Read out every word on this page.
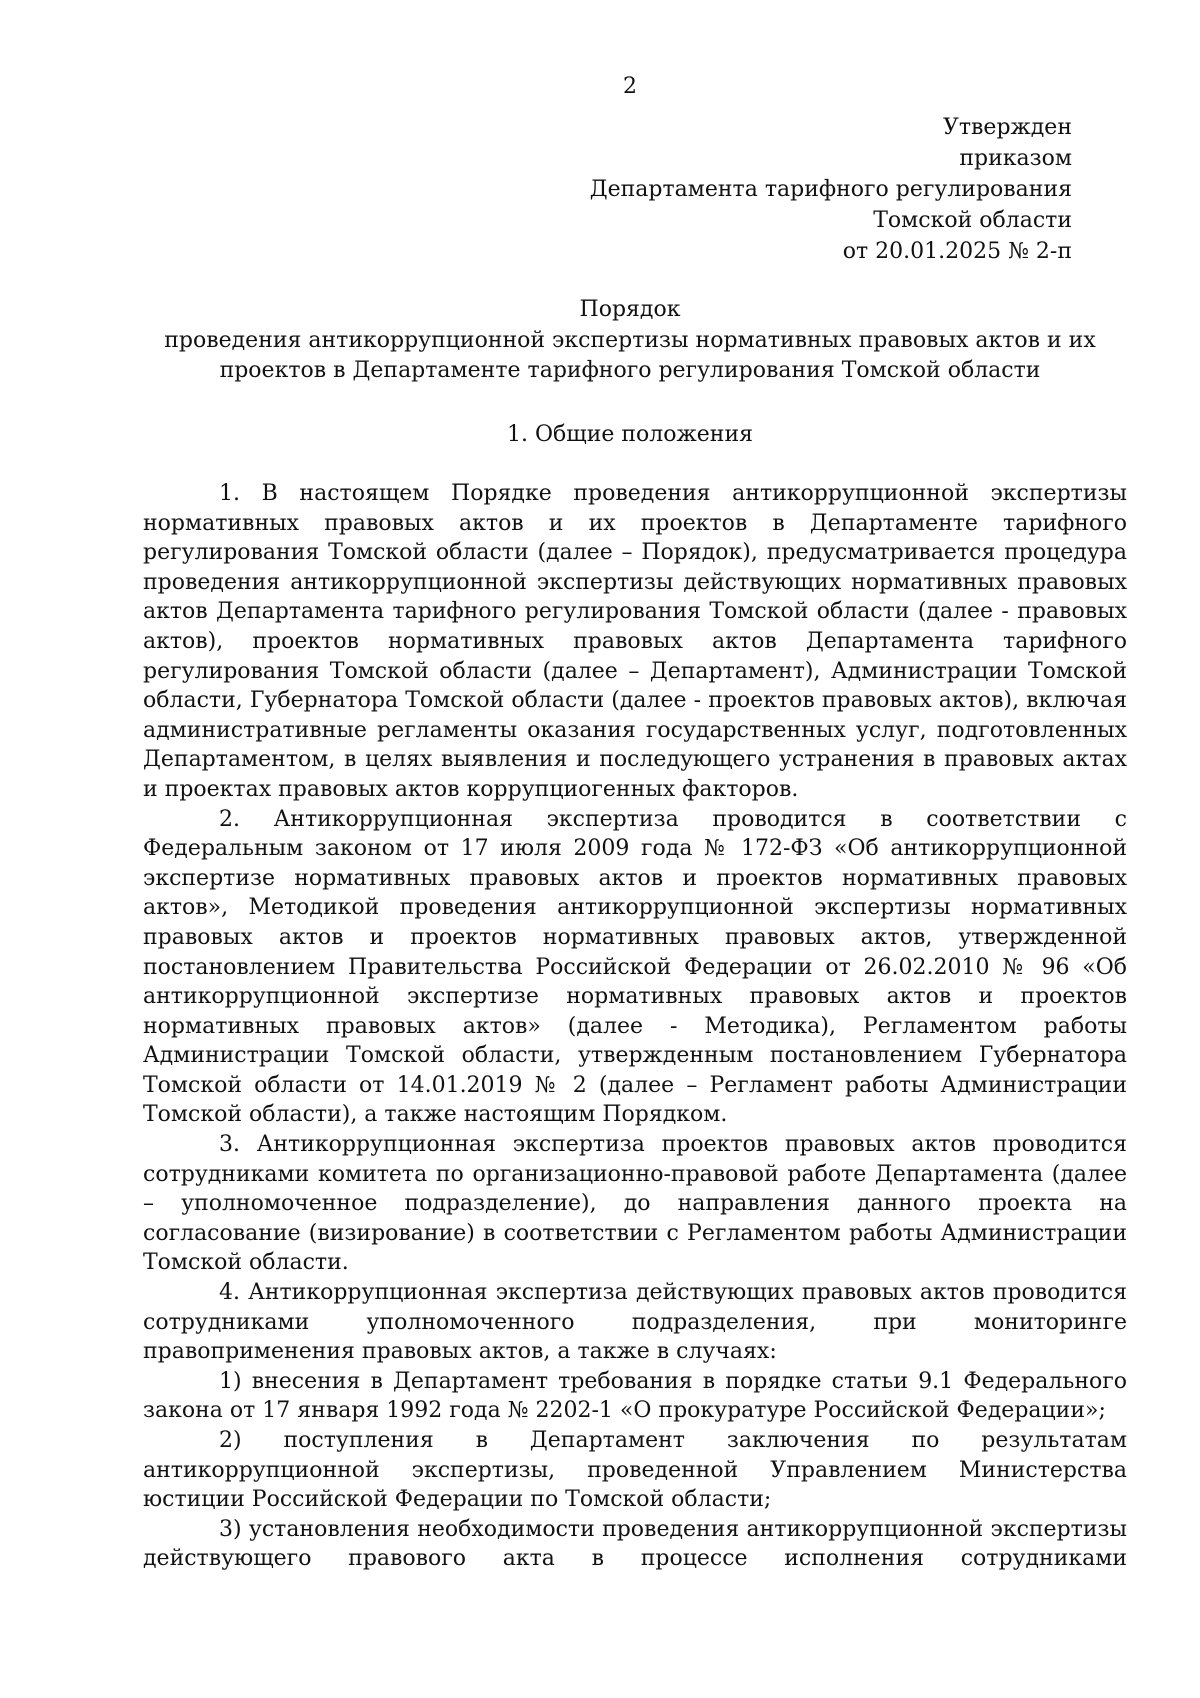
2
Утвержден
приказом
Департамента тарифного регулирования
Томской области
от 20.01.2025 № 2-п
Порядок
проведения антикоррупционной экспертизы нормативных правовых актов и их
проектов в Департаменте тарифного регулирования Томской области
1. Общие положения

1. В настоящем Порядке проведения антикоррупционной экспертизы нормативных правовых актов и их проектов в Департаменте тарифного регулирования Томской области (далее – Порядок), предусматривается процедура проведения антикоррупционной экспертизы действующих нормативных правовых актов Департамента тарифного регулирования Томской области (далее - правовых актов), проектов нормативных правовых актов Департамента тарифного регулирования Томской области (далее – Департамент), Администрации Томской области, Губернатора Томской области (далее - проектов правовых актов), включая административные регламенты оказания государственных услуг, подготовленных Департаментом, в целях выявления и последующего устранения в правовых актах и проектах правовых актов коррупциогенных факторов.

2. Антикоррупционная экспертиза проводится в соответствии с Федеральным законом от 17 июля 2009 года № 172-ФЗ «Об антикоррупционной экспертизе нормативных правовых актов и проектов нормативных правовых актов», Методикой проведения антикоррупционной экспертизы нормативных правовых актов и проектов нормативных правовых актов, утвержденной постановлением Правительства Российской Федерации от 26.02.2010 № 96 «Об антикоррупционной экспертизе нормативных правовых актов и проектов нормативных правовых актов» (далее - Методика), Регламентом работы Администрации Томской области, утвержденным постановлением Губернатора Томской области от 14.01.2019 № 2 (далее – Регламент работы Администрации Томской области), а также настоящим Порядком.

3. Антикоррупционная экспертиза проектов правовых актов проводится сотрудниками комитета по организационно-правовой работе Департамента (далее – уполномоченное подразделение), до направления данного проекта на согласование (визирование) в соответствии с Регламентом работы Администрации Томской области.

4. Антикоррупционная экспертиза действующих правовых актов проводится сотрудниками уполномоченного подразделения, при мониторинге правоприменения правовых актов, а также в случаях:

1) внесения в Департамент требования в порядке статьи 9.1 Федерального закона от 17 января 1992 года № 2202-1 «О прокуратуре Российской Федерации»;

2) поступления в Департамент заключения по результатам антикоррупционной экспертизы, проведенной Управлением Министерства юстиции Российской Федерации по Томской области;

3) установления необходимости проведения антикоррупционной экспертизы действующего правового акта в процессе исполнения сотрудниками
